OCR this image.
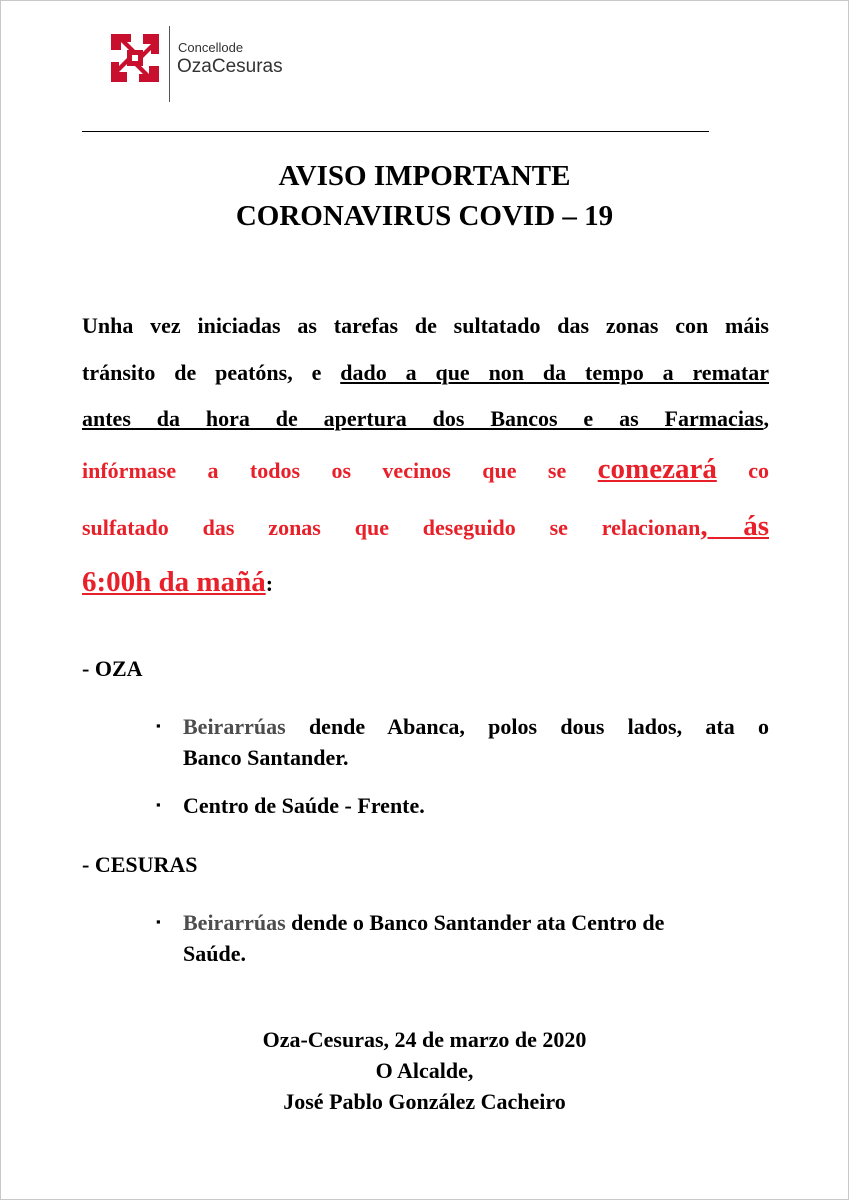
Concellode
OzaCesuras
AVISO IMPORTANTE
CORONAVIRUS COVID – 19
Unha vez iniciadas as tarefas de sultatado das zonas con máis
tránsito de peatóns, e dado a que non da tempo a rematar
antes da hora de apertura dos Bancos e as Farmacias,
infórmase a todos os vecinos que se comezará co
sulfatado das zonas que deseguido se relacionan, ás
6:00h da mañá:
- OZA
▪ Beirarrúas dende Abanca, polos dous lados, ata o
Banco Santander.
▪ Centro de Saúde - Frente.
- CESURAS
▪ Beirarrúas dende o Banco Santander ata Centro de
Saúde.
Oza-Cesuras, 24 de marzo de 2020
O Alcalde,
José Pablo González Cacheiro
